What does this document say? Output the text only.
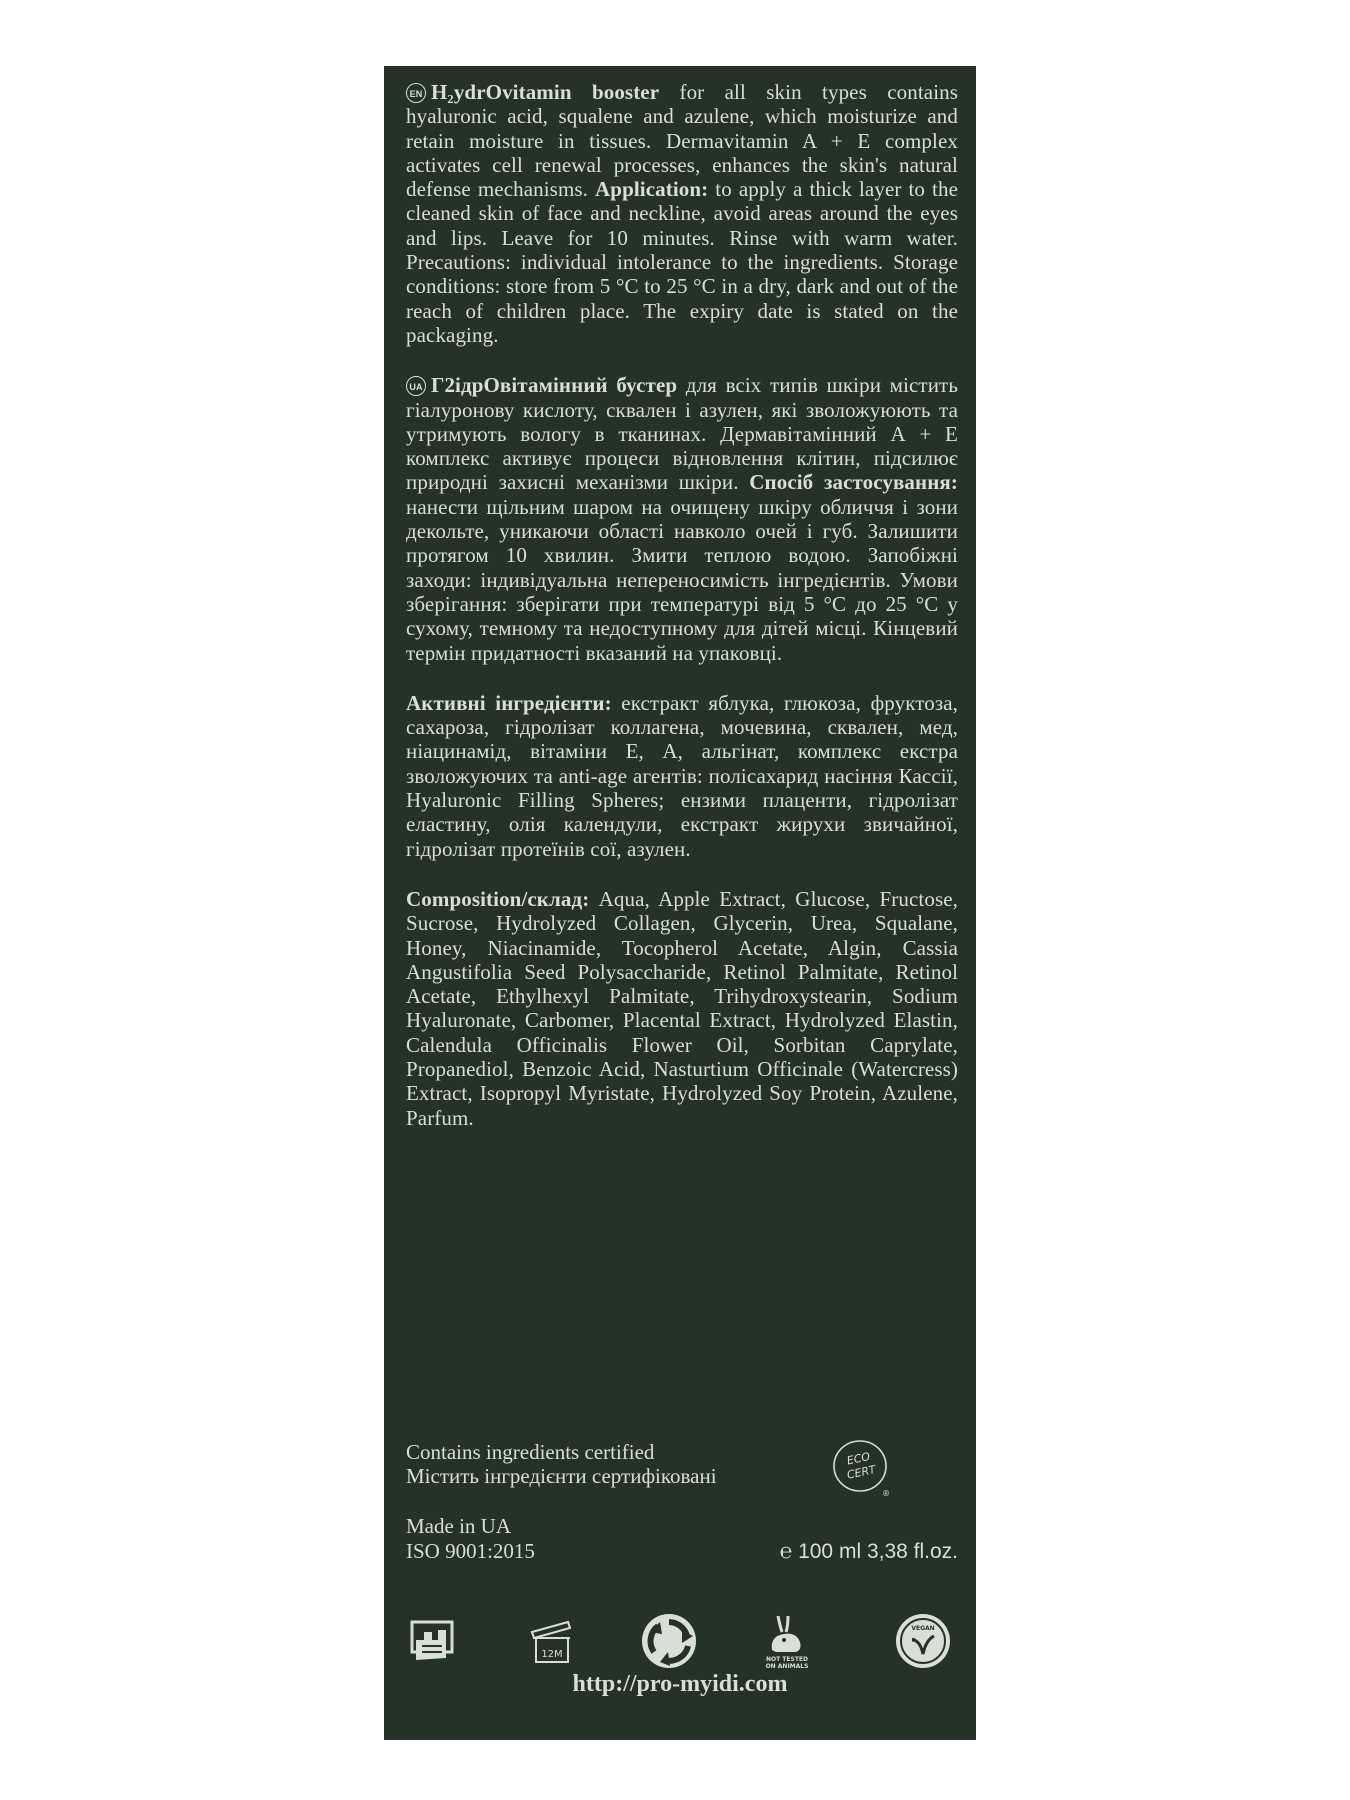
EN H₂ydrOvitamin booster for all skin types contains hyaluronic acid, squalene and azulene, which moisturize and retain moisture in tissues. Dermavitamin A + E complex activates cell renewal processes, enhances the skin's natural defense mechanisms. Application: to apply a thick layer to the cleaned skin of face and neckline, avoid areas around the eyes and lips. Leave for 10 minutes. Rinse with warm water. Precautions: individual intolerance to the ingredients. Storage conditions: store from 5 °C to 25 °C in a dry, dark and out of the reach of children place. The expiry date is stated on the packaging.

UA Г2ідрОвітамінний бустер для всіх типів шкіри містить гіалуронову кислоту, сквален і азулен, які зволожуюють та утримують вологу в тканинах. Дермавітамінний А + Е комплекс активує процеси відновлення клітин, підсилює природні захисні механізми шкіри. Спосіб застосування: нанести щільним шаром на очищену шкіру обличчя і зони декольте, уникаючи області навколо очей і губ. Залишити протягом 10 хвилин. Змити теплою водою. Запобіжні заходи: індивідуальна непереносимість інгредієнтів. Умови зберігання: зберігати при температурі від 5 °C до 25 °C у сухому, темному та недоступному для дітей місці. Кінцевий термін придатності вказаний на упаковці.

Активні інгредієнти: екстракт яблука, глюкоза, фруктоза, сахароза, гідролізат коллагена, мочевина, сквален, мед, ніацинамід, вітаміни Е, А, альгінат, комплекс екстра зволожуючих та anti-age агентів: полісахарид насіння Кассії, Hyaluronic Filling Spheres; ензими плаценти, гідролізат еластину, олія календули, екстракт жирухи звичайної, гідролізат протеїнів сої, азулен.

Composition/склад: Aqua, Apple Extract, Glucose, Fructose, Sucrose, Hydrolyzed Collagen, Glycerin, Urea, Squalane, Honey, Niacinamide, Tocopherol Acetate, Algin, Cassia Angustifolia Seed Polysaccharide, Retinol Palmitate, Retinol Acetate, Ethylhexyl Palmitate, Trihydroxystearin, Sodium Hyaluronate, Carbomer, Placental Extract, Hydrolyzed Elastin, Calendula Officinalis Flower Oil, Sorbitan Caprylate, Propanediol, Benzoic Acid, Nasturtium Officinale (Watercress) Extract, Isopropyl Myristate, Hydrolyzed Soy Protein, Azulene, Parfum.

Contains ingredients certified
Містить інгредієнти сертифіковані
ECO
CERT
®
Made in UA
ISO 9001:2015	℮ 100 ml 3,38 fl.oz.
12M	NOT TESTED
ON ANIMALS
VEGAN
http://pro-myidi.com
